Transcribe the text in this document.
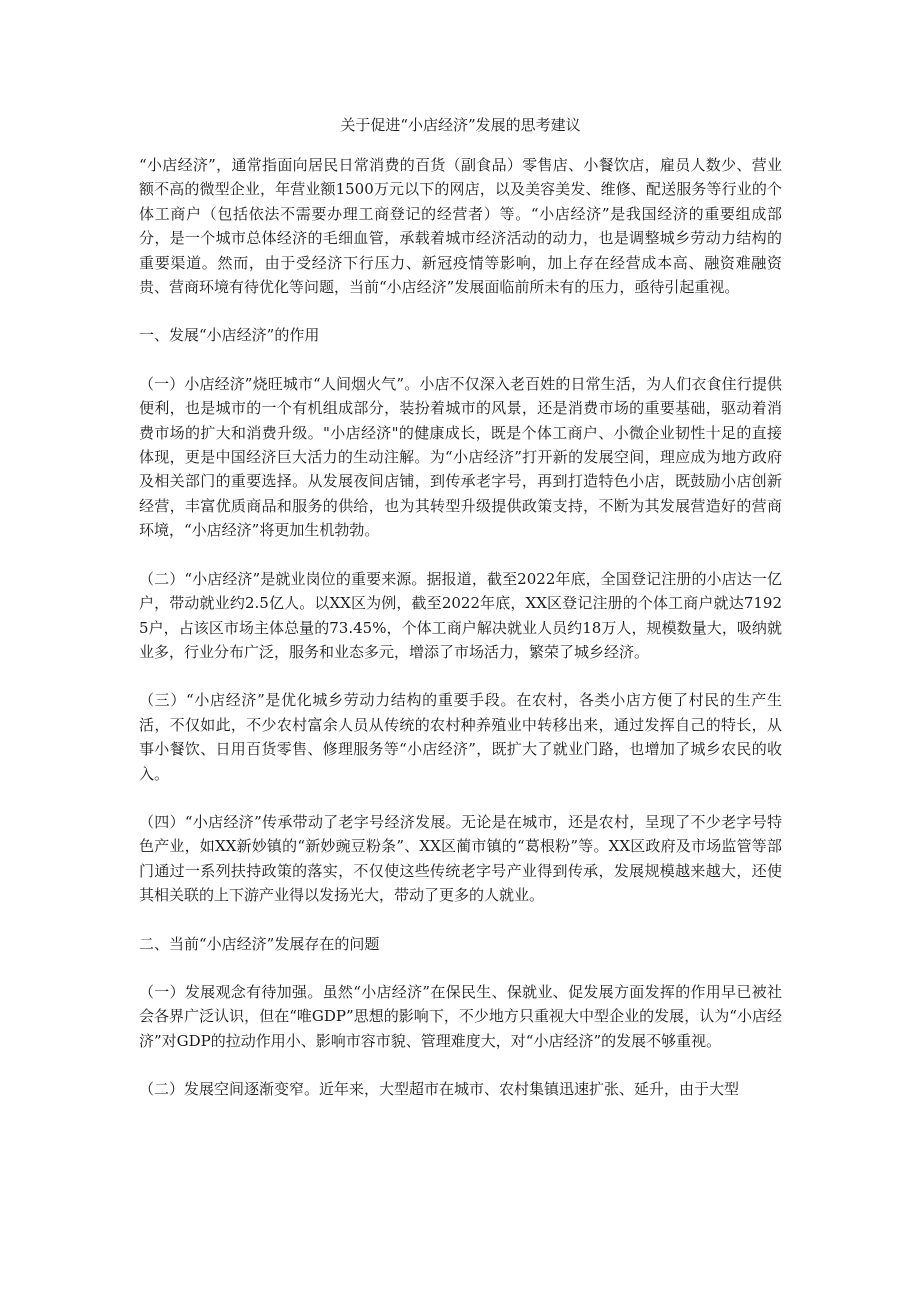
关于促进“小店经济”发展的思考建议

“小店经济”，通常指面向居民日常消费的百货（副食品）零售店、小餐饮店，雇员人数少、营业额不高的微型企业，年营业额1500万元以下的网店，以及美容美发、维修、配送服务等行业的个体工商户（包括依法不需要办理工商登记的经营者）等。“小店经济”是我国经济的重要组成部分，是一个城市总体经济的毛细血管，承载着城市经济活动的动力，也是调整城乡劳动力结构的重要渠道。然而，由于受经济下行压力、新冠疫情等影响，加上存在经营成本高、融资难融资贵、营商环境有待优化等问题，当前“小店经济”发展面临前所未有的压力，亟待引起重视。

一、发展“小店经济”的作用

（一）小店经济”烧旺城市“人间烟火气”。小店不仅深入老百姓的日常生活，为人们衣食住行提供便利，也是城市的一个有机组成部分，装扮着城市的风景，还是消费市场的重要基础，驱动着消费市场的扩大和消费升级。"小店经济"的健康成长，既是个体工商户、小微企业韧性十足的直接体现，更是中国经济巨大活力的生动注解。为“小店经济”打开新的发展空间，理应成为地方政府及相关部门的重要选择。从发展夜间店铺，到传承老字号，再到打造特色小店，既鼓励小店创新经营，丰富优质商品和服务的供给，也为其转型升级提供政策支持，不断为其发展营造好的营商环境，“小店经济”将更加生机勃勃。

（二）“小店经济”是就业岗位的重要来源。据报道，截至2022年底，全国登记注册的小店达一亿户，带动就业约2.5亿人。以XX区为例，截至2022年底，XX区登记注册的个体工商户就达71925户，占该区市场主体总量的73.45%，个体工商户解决就业人员约18万人，规模数量大，吸纳就业多，行业分布广泛，服务和业态多元，增添了市场活力，繁荣了城乡经济。

（三）“小店经济”是优化城乡劳动力结构的重要手段。在农村，各类小店方便了村民的生产生活，不仅如此，不少农村富余人员从传统的农村种养殖业中转移出来，通过发挥自己的特长，从事小餐饮、日用百货零售、修理服务等“小店经济”，既扩大了就业门路，也增加了城乡农民的收入。

（四）“小店经济”传承带动了老字号经济发展。无论是在城市，还是农村，呈现了不少老字号特色产业，如XX新妙镇的“新妙豌豆粉条”、XX区蔺市镇的“葛根粉”等。XX区政府及市场监管等部门通过一系列扶持政策的落实，不仅使这些传统老字号产业得到传承，发展规模越来越大，还使其相关联的上下游产业得以发扬光大，带动了更多的人就业。

二、当前“小店经济”发展存在的问题

（一）发展观念有待加强。虽然“小店经济”在保民生、保就业、促发展方面发挥的作用早已被社会各界广泛认识，但在“唯GDP”思想的影响下，不少地方只重视大中型企业的发展，认为“小店经济”对GDP的拉动作用小、影响市容市貌、管理难度大，对“小店经济”的发展不够重视。

（二）发展空间逐渐变窄。近年来，大型超市在城市、农村集镇迅速扩张、延升，由于大型
